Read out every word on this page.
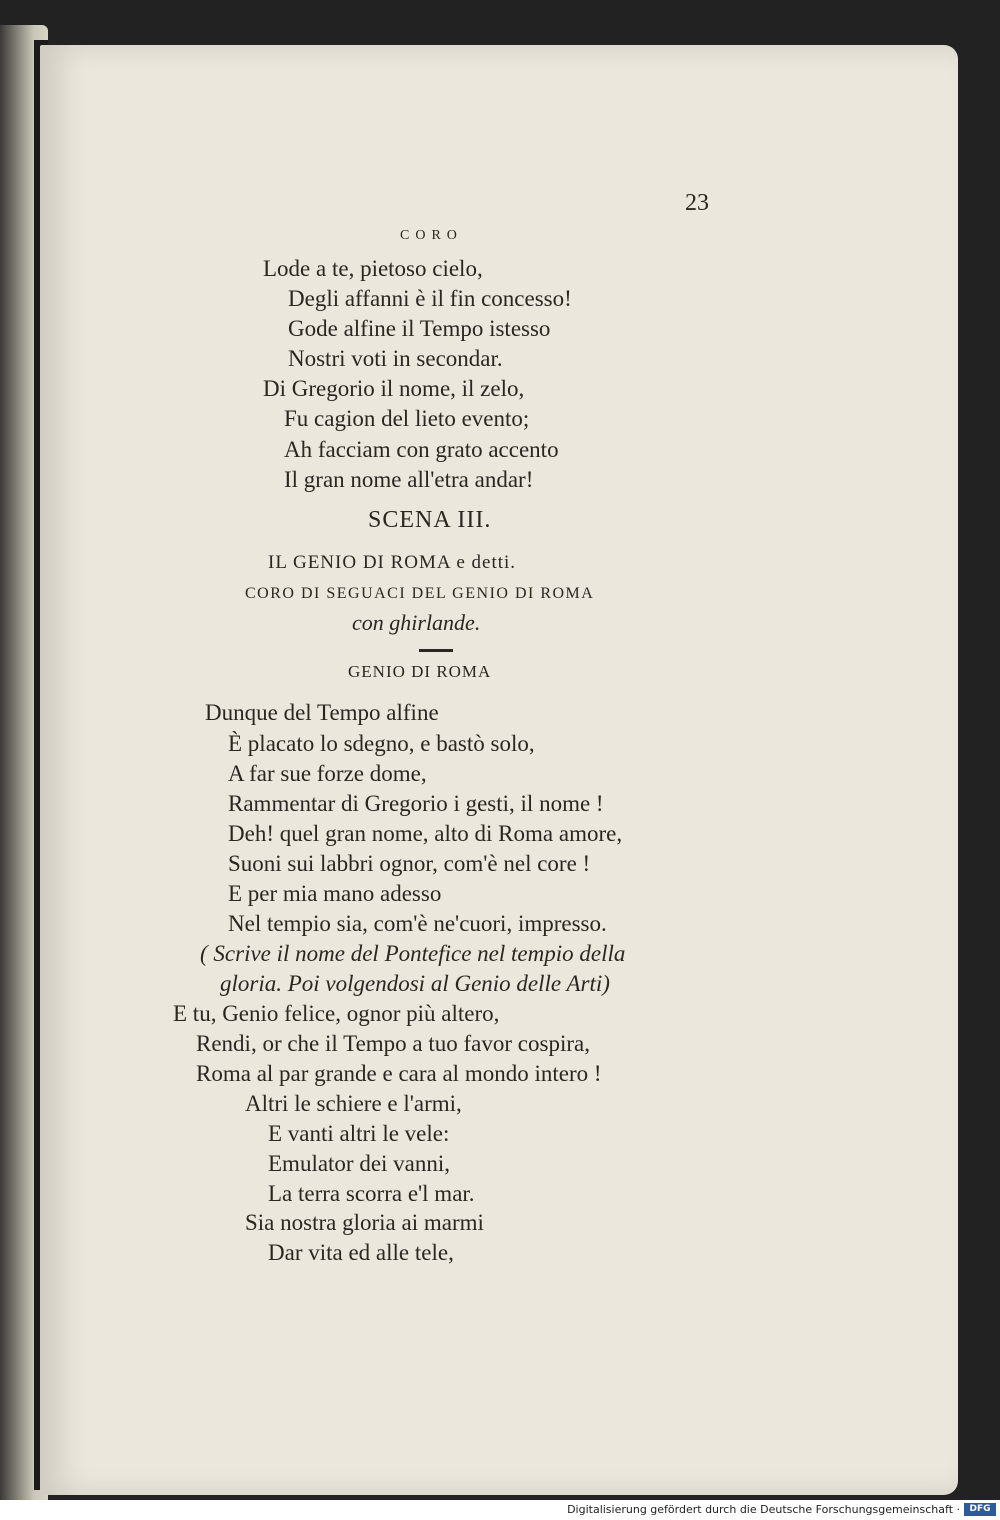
23
CORO
Lode a te, pietoso cielo,
Degli affanni è il fin concesso!
Gode alfine il Tempo istesso
Nostri voti in secondar.
Di Gregorio il nome, il zelo,
Fu cagion del lieto evento;
Ah facciam con grato accento
Il gran nome all'etra andar!
SCENA III.
IL GENIO DI ROMA e detti.
CORO DI SEGUACI DEL GENIO DI ROMA
con ghirlande.
GENIO DI ROMA
Dunque del Tempo alfine
È placato lo sdegno, e bastò solo,
A far sue forze dome,
Rammentar di Gregorio i gesti, il nome !
Deh! quel gran nome, alto di Roma amore,
Suoni sui labbri ognor, com'è nel core !
E per mia mano adesso
Nel tempio sia, com'è ne'cuori, impresso.
( Scrive il nome del Pontefice nel tempio della
gloria. Poi volgendosi al Genio delle Arti)
E tu, Genio felice, ognor più altero,
Rendi, or che il Tempo a tuo favor cospira,
Roma al par grande e cara al mondo intero !
Altri le schiere e l'armi,
E vanti altri le vele:
Emulator dei vanni,
La terra scorra e'l mar.
Sia nostra gloria ai marmi
Dar vita ed alle tele,
Digitalisierung gefördert durch die Deutsche Forschungsgemeinschaft ·	DFG
